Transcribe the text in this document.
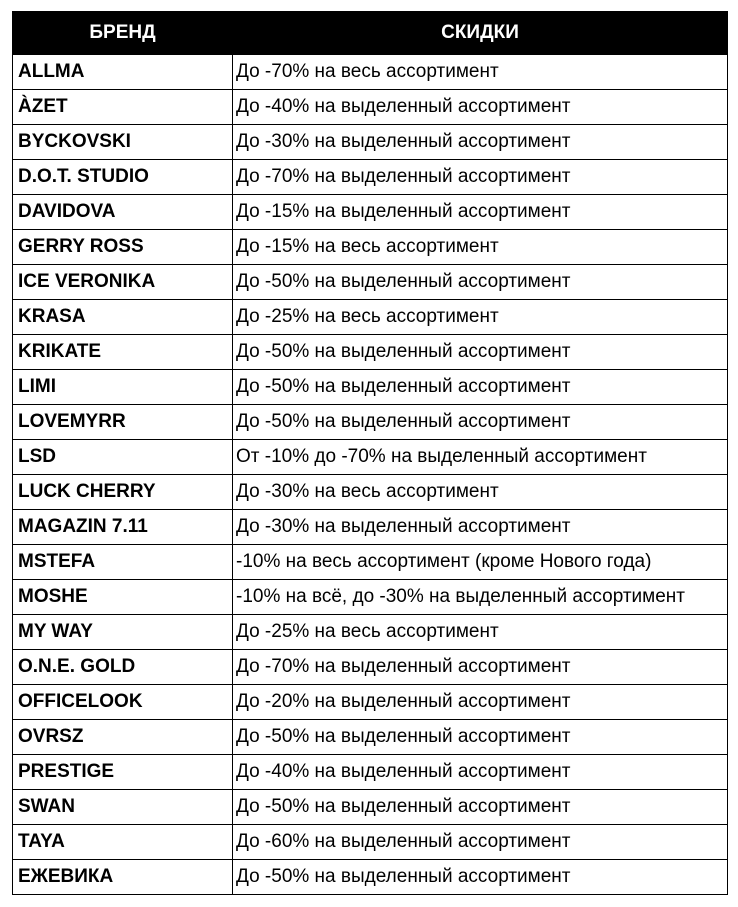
БРЕНД	СКИДКИ
ALLMA	До -70% на весь ассортимент
ÀZET	До -40% на выделенный ассортимент
BYCKOVSKI	До -30% на выделенный ассортимент
D.O.T. STUDIO	До -70% на выделенный ассортимент
DAVIDOVA	До -15% на выделенный ассортимент
GERRY ROSS	До -15% на весь ассортимент
ICE VERONIKA	До -50% на выделенный ассортимент
KRASA	До -25% на весь ассортимент
KRIKATE	До -50% на выделенный ассортимент
LIMI	До -50% на выделенный ассортимент
LOVEMYRR	До -50% на выделенный ассортимент
LSD	От -10% до -70% на выделенный ассортимент
LUCK CHERRY	До -30% на весь ассортимент
MAGAZIN 7.11	До -30% на выделенный ассортимент
MSTEFA	-10% на весь ассортимент (кроме Нового года)
MOSHE	-10% на всё, до -30% на выделенный ассортимент
MY WAY	До -25% на весь ассортимент
O.N.E. GOLD	До -70% на выделенный ассортимент
OFFICELOOK	До -20% на выделенный ассортимент
OVRSZ	До -50% на выделенный ассортимент
PRESTIGE	До -40% на выделенный ассортимент
SWAN	До -50% на выделенный ассортимент
TAYA	До -60% на выделенный ассортимент
ЕЖЕВИКА	До -50% на выделенный ассортимент
